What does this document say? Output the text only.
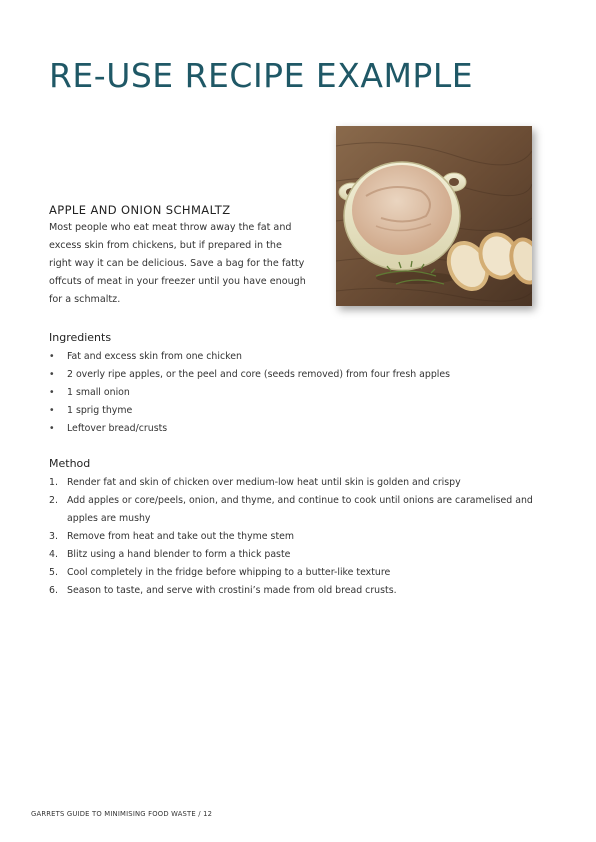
RE-USE RECIPE EXAMPLE
APPLE AND ONION SCHMALTZ

Most people who eat meat throw away the fat and excess skin from chickens, but if prepared in the right way it can be delicious. Save a bag for the fatty offcuts of meat in your freezer until you have enough for a schmaltz.

Ingredients
• Fat and excess skin from one chicken
• 2 overly ripe apples, or the peel and core (seeds removed) from four fresh apples
• 1 small onion
• 1 sprig thyme
• Leftover bread/crusts
Method
1. Render fat and skin of chicken over medium-low heat until skin is golden and crispy
2. Add apples or core/peels, onion, and thyme, and continue to cook until onions are caramelised and apples are mushy
3. Remove from heat and take out the thyme stem
4. Blitz using a hand blender to form a thick paste
5. Cool completely in the fridge before whipping to a butter-like texture
6. Season to taste, and serve with crostini’s made from old bread crusts.

GARRETS GUIDE TO MINIMISING FOOD WASTE / 12
